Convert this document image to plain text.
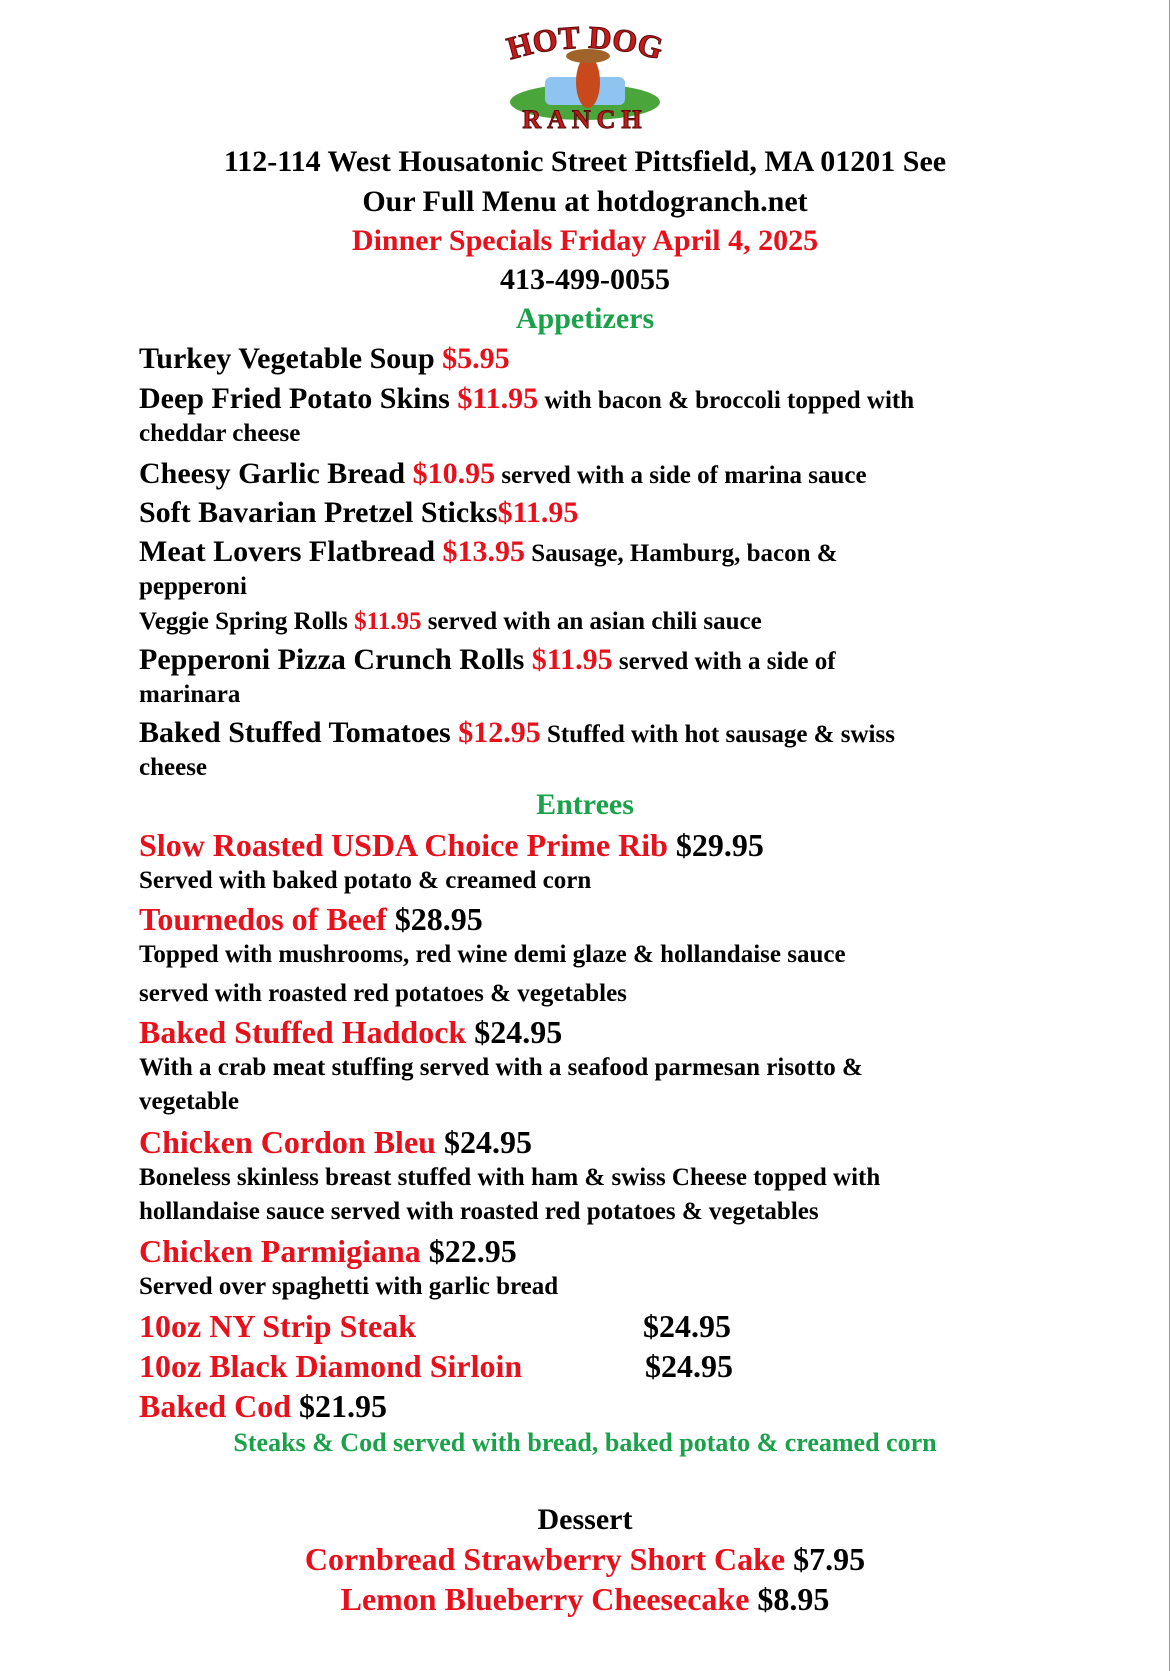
HOT DOG
RANCH
112-114 West Housatonic Street Pittsfield, MA 01201 See
Our Full Menu at hotdogranch.net
Dinner Specials Friday April 4, 2025
413-499-0055
Appetizers
Turkey Vegetable Soup $5.95
Deep Fried Potato Skins $11.95 with bacon & broccoli topped with
cheddar cheese
Cheesy Garlic Bread $10.95 served with a side of marina sauce
Soft Bavarian Pretzel Sticks$11.95
Meat Lovers Flatbread $13.95 Sausage, Hamburg, bacon &
pepperoni
Veggie Spring Rolls $11.95 served with an asian chili sauce
Pepperoni Pizza Crunch Rolls $11.95 served with a side of
marinara
Baked Stuffed Tomatoes $12.95 Stuffed with hot sausage & swiss
cheese
Entrees
Slow Roasted USDA Choice Prime Rib $29.95
Served with baked potato & creamed corn
Tournedos of Beef $28.95
Topped with mushrooms, red wine demi glaze & hollandaise sauce
served with roasted red potatoes & vegetables
Baked Stuffed Haddock $24.95
With a crab meat stuffing served with a seafood parmesan risotto &
vegetable
Chicken Cordon Bleu $24.95
Boneless skinless breast stuffed with ham & swiss Cheese topped with
hollandaise sauce served with roasted red potatoes & vegetables
Chicken Parmigiana $22.95
Served over spaghetti with garlic bread
10oz NY Strip Steak	$24.95
10oz Black Diamond Sirloin	$24.95
Baked Cod $21.95
Steaks & Cod served with bread, baked potato & creamed corn
Dessert
Cornbread Strawberry Short Cake $7.95
Lemon Blueberry Cheesecake $8.95
